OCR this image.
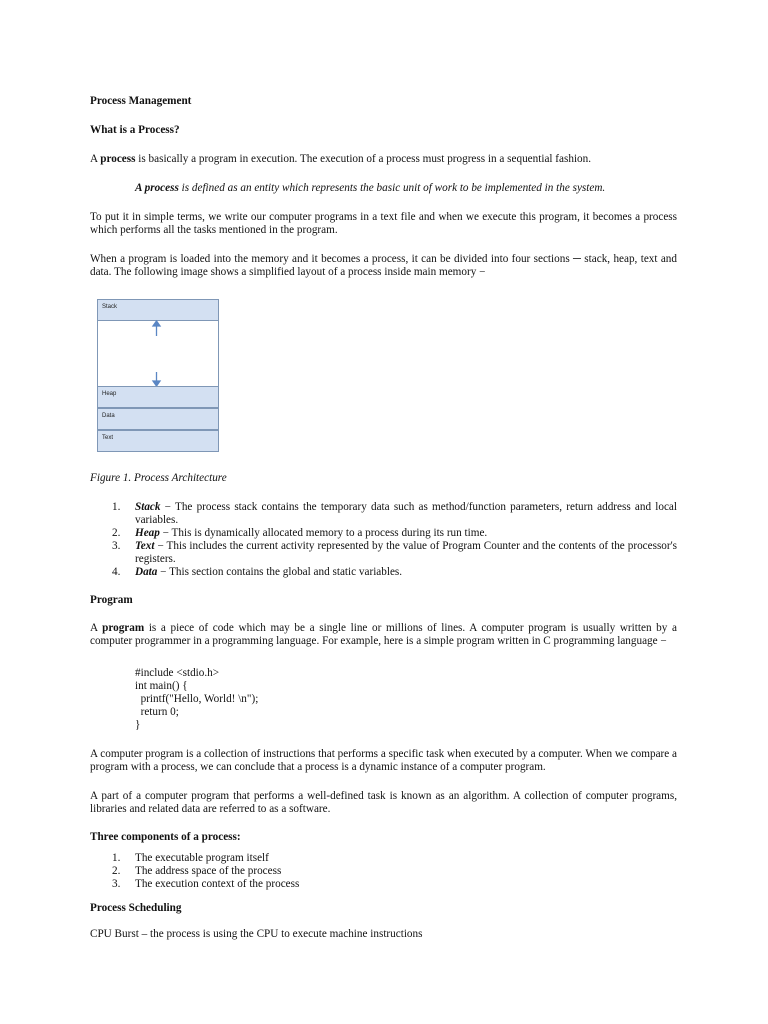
Process Management

What is a Process?

A process is basically a program in execution. The execution of a process must progress in a sequential fashion.

A process is defined as an entity which represents the basic unit of work to be implemented in the system.

To put it in simple terms, we write our computer programs in a text file and when we execute this program, it becomes a process which performs all the tasks mentioned in the program.

When a program is loaded into the memory and it becomes a process, it can be divided into four sections ─ stack, heap, text and data. The following image shows a simplified layout of a process inside main memory −

Stack
Heap
Data
Text

Figure 1. Process Architecture

1. Stack − The process stack contains the temporary data such as method/function parameters, return address and local variables.
2. Heap − This is dynamically allocated memory to a process during its run time.
3. Text − This includes the current activity represented by the value of Program Counter and the contents of the processor's registers.
4. Data − This section contains the global and static variables.

Program

A program is a piece of code which may be a single line or millions of lines. A computer program is usually written by a computer programmer in a programming language. For example, here is a simple program written in C programming language −

#include <stdio.h>
int main() {
printf("Hello, World! \n");
return 0;
}

A computer program is a collection of instructions that performs a specific task when executed by a computer. When we compare a program with a process, we can conclude that a process is a dynamic instance of a computer program.

A part of a computer program that performs a well-defined task is known as an algorithm. A collection of computer programs, libraries and related data are referred to as a software.

Three components of a process:

1. The executable program itself
2. The address space of the process
3. The execution context of the process

Process Scheduling

CPU Burst – the process is using the CPU to execute machine instructions
